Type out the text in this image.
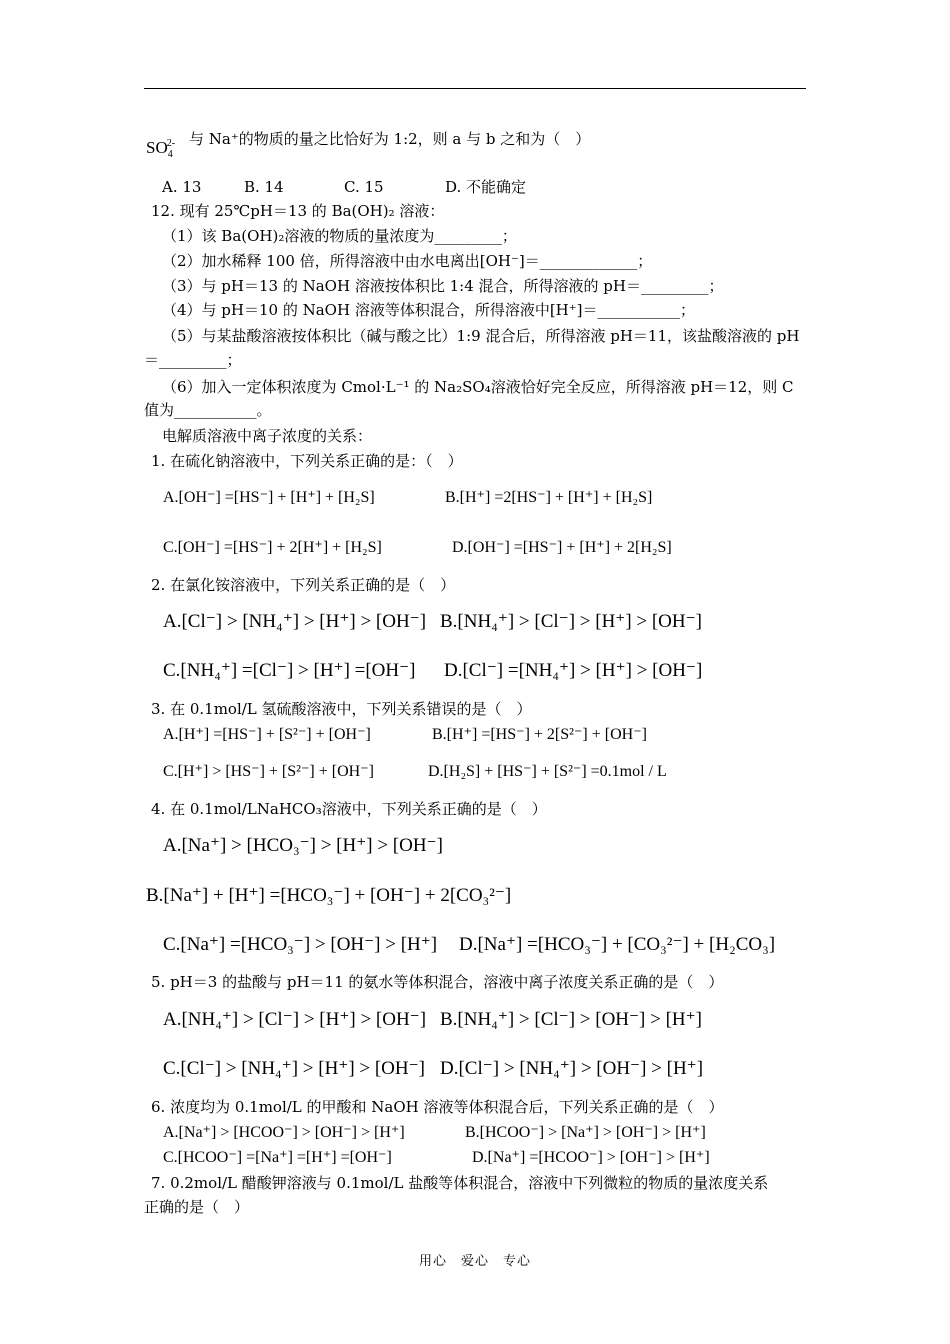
$SO_4^{2-}$ 与 Na⁺的物质的量之比恰好为 1:2，则 a 与 b 之和为（　）
A. 13	B. 14	C. 15	D. 不能确定
12. 现有 25℃pH＝13 的 Ba(OH)₂ 溶液：
（1）该 Ba(OH)₂溶液的物质的量浓度为_________；
（2）加水稀释 100 倍，所得溶液中由水电离出[OH⁻]＝_____________；
（3）与 pH＝13 的 NaOH 溶液按体积比 1:4 混合，所得溶液的 pH＝_________；
（4）与 pH＝10 的 NaOH 溶液等体积混合，所得溶液中[H⁺]＝___________；
（5）与某盐酸溶液按体积比（碱与酸之比）1:9 混合后，所得溶液 pH＝11，该盐酸溶液的 pH
＝_________；
（6）加入一定体积浓度为 Cmol·L⁻¹ 的 Na₂SO₄溶液恰好完全反应，所得溶液 pH＝12，则 C
值为___________。
电解质溶液中离子浓度的关系：
1. 在硫化钠溶液中，下列关系正确的是：（　）
A.[OH⁻] =[HS⁻] + [H⁺] + [H₂S]	B.[H⁺] =2[HS⁻] + [H⁺] + [H₂S]
C.[OH⁻] =[HS⁻] + 2[H⁺] + [H₂S]	D.[OH⁻] =[HS⁻] + [H⁺] + 2[H₂S]
2. 在氯化铵溶液中，下列关系正确的是（　）
A.[Cl⁻] > [NH₄⁺] > [H⁺] > [OH⁻] B.[NH₄⁺] > [Cl⁻] > [H⁺] > [OH⁻]
C.[NH₄⁺] =[Cl⁻] > [H⁺] =[OH⁻] D.[Cl⁻] =[NH₄⁺] > [H⁺] > [OH⁻]
3. 在 0.1mol/L 氢硫酸溶液中，下列关系错误的是（　）
A.[H⁺] =[HS⁻] + [S²⁻] + [OH⁻]	B.[H⁺] =[HS⁻] + 2[S²⁻] + [OH⁻]
C.[H⁺] > [HS⁻] + [S²⁻] + [OH⁻]	D.[H₂S] + [HS⁻] + [S²⁻] =0.1mol / L
4. 在 0.1mol/LNaHCO₃溶液中，下列关系正确的是（　）
A.[Na⁺] > [HCO₃⁻] > [H⁺] > [OH⁻]
B.[Na⁺] + [H⁺] =[HCO₃⁻] + [OH⁻] + 2[CO₃²⁻]
C.[Na⁺] =[HCO₃⁻] > [OH⁻] > [H⁺] D.[Na⁺] =[HCO₃⁻] + [CO₃²⁻] + [H₂CO₃]
5. pH＝3 的盐酸与 pH＝11 的氨水等体积混合，溶液中离子浓度关系正确的是（　）
A.[NH₄⁺] > [Cl⁻] > [H⁺] > [OH⁻] B.[NH₄⁺] > [Cl⁻] > [OH⁻] > [H⁺]
C.[Cl⁻] > [NH₄⁺] > [H⁺] > [OH⁻] D.[Cl⁻] > [NH₄⁺] > [OH⁻] > [H⁺]
6. 浓度均为 0.1mol/L 的甲酸和 NaOH 溶液等体积混合后，下列关系正确的是（　）
A.[Na⁺] > [HCOO⁻] > [OH⁻] > [H⁺]	B.[HCOO⁻] > [Na⁺] > [OH⁻] > [H⁺]
C.[HCOO⁻] =[Na⁺] =[H⁺] =[OH⁻]	D.[Na⁺] =[HCOO⁻] > [OH⁻] > [H⁺]
7. 0.2mol/L 醋酸钾溶液与 0.1mol/L 盐酸等体积混合，溶液中下列微粒的物质的量浓度关系
正确的是（　）
用心　爱心　专心
